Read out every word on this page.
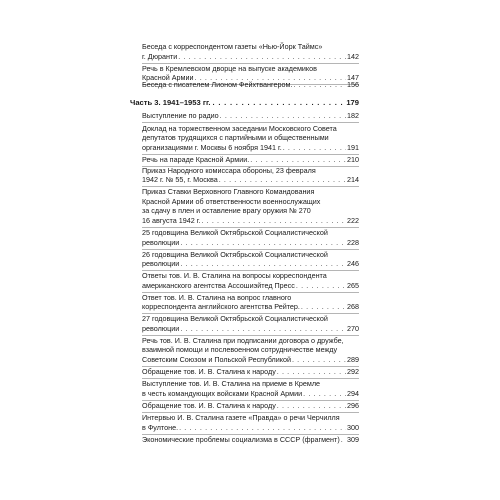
Беседа с корреспондентом газеты «Нью-Йорк Таймс»
г. Дюранти . . .	142
Речь в Кремлевском дворце на выпуске академиков
Красной Армии . . .	147
Беседа с писателем Лионом Фейхтвангером. . . .	156
Часть 3. 1941–1953 гг. . . .	179
Выступление по радио . . .	182
Доклад на торжественном заседании Московского Совета
депутатов трудящихся с партийными и общественными
организациями г. Москвы 6 ноября 1941 г. . . .	191
Речь на параде Красной Армии. . . .	210
Приказ Народного комиссара обороны, 23 февраля
1942 г. № 55, г. Москва . . .	214
Приказ Ставки Верховного Главного Командования
Красной Армии об ответственности военнослужащих
за сдачу в плен и оставление врагу оружия № 270
16 августа 1942 г. . . .	222
25 годовщина Великой Октябрьской Социалистической
революции . . .	228
26 годовщина Великой Октябрьской Социалистической
революции . . .	246
Ответы тов. И. В. Сталина на вопросы корреспондента
американского агентства Ассошиэйтед Пресс . . .	265
Ответ тов. И. В. Сталина на вопрос главного
корреспондента английского агентства Рейтер. . . .	268
27 годовщина Великой Октябрьской Социалистической
революции . . .	270
Речь тов. И. В. Сталина при подписании договора о дружбе,
взаимной помощи и послевоенном сотрудничестве между
Советским Союзом и Польской Республикой . . .	289
Обращение тов. И. В. Сталина к народу . . .	292
Выступление тов. И. В. Сталина на приеме в Кремле
в честь командующих войсками Красной Армии . . .	294
Обращение тов. И. В. Сталина к народу . . .	296
Интервью И. В. Сталина газете «Правда» о речи Черчилля
в Фултоне. . . .	300
Экономические проблемы социализма в СССР (фрагмент) . . . 309
